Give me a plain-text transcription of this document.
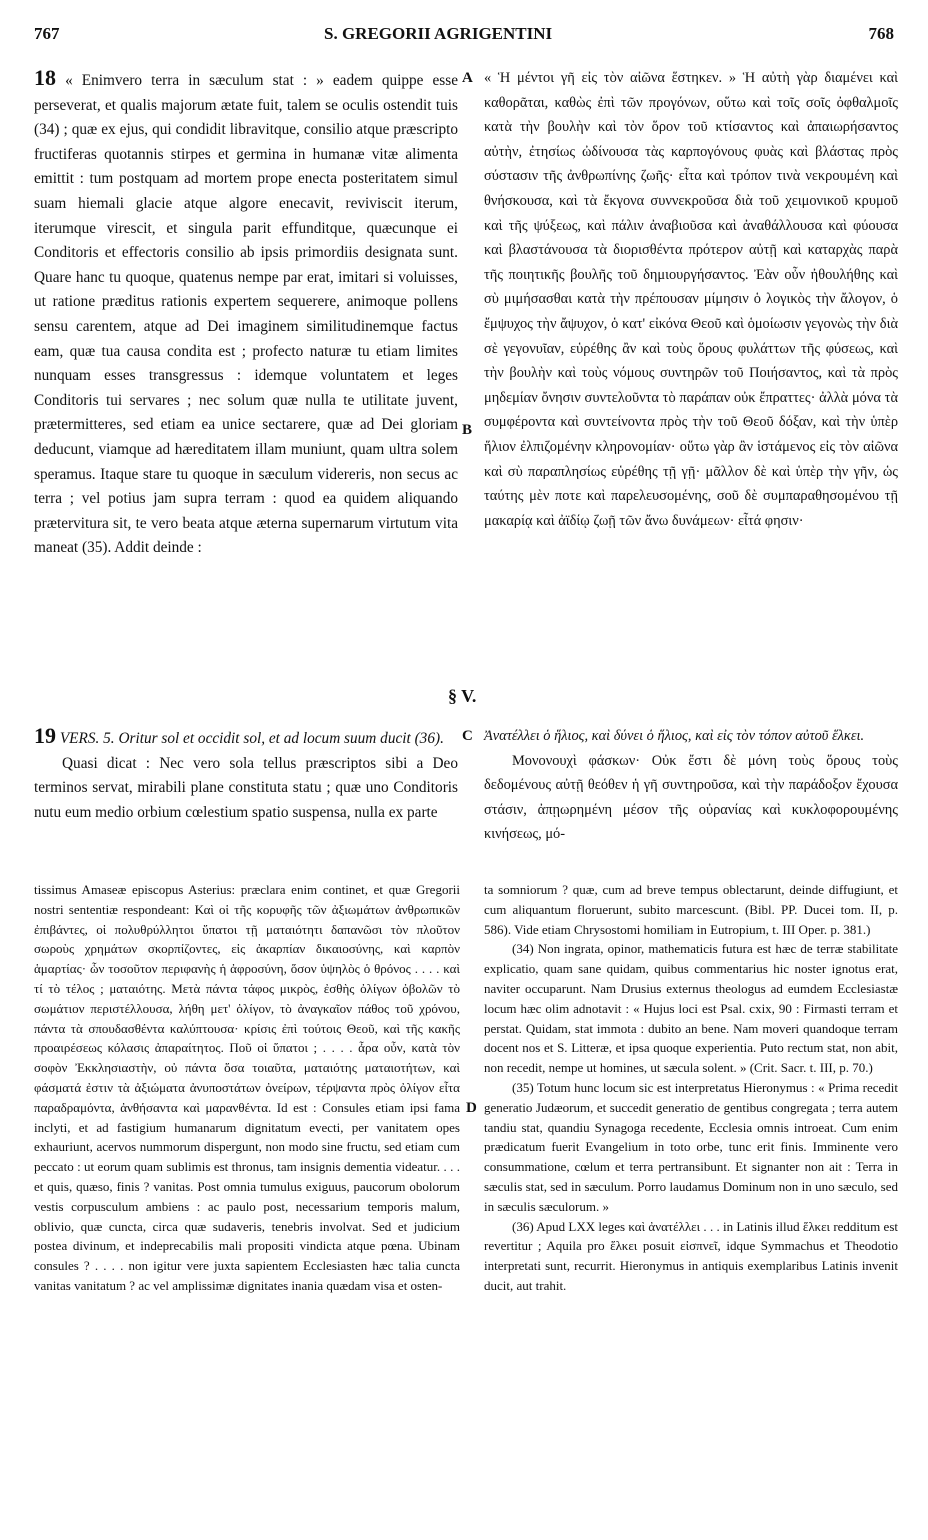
767	S. GREGORII AGRIGENTINI	768
A
B
C
D

18 « Enimvero terra in sæculum stat : » eadem quippe esse perseverat, et qualis majorum ætate fuit, talem se oculis ostendit tuis (34) ; quæ ex ejus, qui condidit libravitque, consilio atque præscripto fructiferas quotannis stirpes et germina in humanæ vitæ alimenta emittit : tum postquam ad mortem prope enecta posteritatem simul suam hiemali glacie atque algore enecavit, reviviscit iterum, iterumque virescit, et singula parit effunditque, quæcunque ei Conditoris et effectoris consilio ab ipsis primordiis designata sunt. Quare hanc tu quoque, quatenus nempe par erat, imitari si voluisses, ut ratione præditus rationis expertem sequerere, animoque pollens sensu carentem, atque ad Dei imaginem similitudinemque factus eam, quæ tua causa condita est ; profecto naturæ tu etiam limites nunquam esses transgressus : idemque voluntatem et leges Conditoris tui servares ; nec solum quæ nulla te utilitate juvent, prætermitteres, sed etiam ea unice sectarere, quæ ad Dei gloriam deducunt, viamque ad hæreditatem illam muniunt, quam ultra solem speramus. Itaque stare tu quoque in sæculum videreris, non secus ac terra ; vel potius jam supra terram : quod ea quidem aliquando prætervitura sit, te vero beata atque æterna supernarum virtutum vita maneat (35). Addit deinde :

« Ἡ μέντοι γῆ εἰς τὸν αἰῶνα ἕστηκεν. » Ἡ αὐτὴ γὰρ διαμένει καὶ καθορᾶται, καθὼς ἐπὶ τῶν προγόνων, οὕτω καὶ τοῖς σοῖς ὀφθαλμοῖς κατὰ τὴν βουλὴν καὶ τὸν ὅρον τοῦ κτίσαντος καὶ ἀπαιωρήσαντος αὐτὴν, ἐτησίως ὠδίνουσα τὰς καρπογόνους φυὰς καὶ βλάστας πρὸς σύστασιν τῆς ἀνθρωπίνης ζωῆς· εἶτα καὶ τρόπον τινὰ νεκρουμένη καὶ θνήσκουσα, καὶ τὰ ἔκγονα συννεκροῦσα διὰ τοῦ χειμονικοῦ κρυμοῦ καὶ τῆς ψύξεως, καὶ πάλιν ἀναβιοῦσα καὶ ἀναθάλλουσα καὶ φύουσα καὶ βλαστάνουσα τὰ διορισθέντα πρότερον αὐτῇ καὶ καταρχὰς παρὰ τῆς ποιητικῆς βουλῆς τοῦ δημιουργήσαντος. Ἐὰν οὖν ἠθουλήθης καὶ σὺ μιμήσασθαι κατὰ τὴν πρέπουσαν μίμησιν ὁ λογικὸς τὴν ἄλογον, ὁ ἔμψυχος τὴν ἄψυχον, ὁ κατ' εἰκόνα Θεοῦ καὶ ὁμοίωσιν γεγονὼς τὴν διὰ σὲ γεγονυῖαν, εὑρέθης ἂν καὶ τοὺς ὅρους φυλάττων τῆς φύσεως, καὶ τὴν βουλὴν καὶ τοὺς νόμους συντηρῶν τοῦ Ποιήσαντος, καὶ τὰ πρὸς μηδεμίαν ὄνησιν συντελοῦντα τὸ παράπαν οὐκ ἔπραττες· ἀλλὰ μόνα τὰ συμφέροντα καὶ συντείνοντα πρὸς τὴν τοῦ Θεοῦ δόξαν, καὶ τὴν ὑπὲρ ἥλιον ἐλπιζομένην κληρονομίαν· οὕτω γὰρ ἂν ἱστάμενος εἰς τὸν αἰῶνα καὶ σὺ παραπλησίως εὑρέθης τῇ γῇ· μᾶλλον δὲ καὶ ὑπὲρ τὴν γῆν, ὡς ταύτης μὲν ποτε καὶ παρελευσομένης, σοῦ δὲ συμπαραθησομένου τῇ μακαρίᾳ καὶ ἀϊδίῳ ζωῇ τῶν ἄνω δυνάμεων· εἶτά φησιν·

§ V.

19 VERS. 5. Oritur sol et occidit sol, et ad locum suum ducit (36).

Quasi dicat : Nec vero sola tellus præscriptos sibi a Deo terminos servat, mirabili plane constituta statu ; quæ uno Conditoris nutu eum medio orbium cœlestium spatio suspensa, nulla ex parte

Ἀνατέλλει ὁ ἥλιος, καὶ δύνει ὁ ἥλιος, καὶ εἰς τὸν τόπον αὐτοῦ ἕλκει.

Μονονουχὶ φάσκων· Οὐκ ἔστι δὲ μόνη τοὺς ὅρους τοὺς δεδομένους αὐτῇ θεόθεν ἡ γῆ συντηροῦσα, καὶ τὴν παράδοξον ἔχουσα στάσιν, ἀπῃωρημένη μέσον τῆς οὐρανίας καὶ κυκλοφορουμένης κινήσεως, μό-

tissimus Amaseæ episcopus Asterius: præclara enim continet, et quæ Gregorii nostri sententiæ respondeant: Καὶ οἱ τῆς κορυφῆς τῶν ἀξιωμάτων ἀνθρωπικῶν ἐπιβάντες, οἱ πολυθρύλλητοι ὕπατοι τῇ ματαιότητι δαπανῶσι τὸν πλοῦτον σωροὺς χρημάτων σκορπίζοντες, εἰς ἀκαρπίαν δικαιοσύνης, καὶ καρπὸν ἁμαρτίας· ὧν τοσοῦτον περιφανὴς ἡ ἀφροσύνη, ὅσον ὑψηλὸς ὁ θρόνος . . . . καὶ τί τὸ τέλος ; ματαιότης. Μετὰ πάντα τάφος μικρὸς, ἐσθὴς ὀλίγων ὀβολῶν τὸ σωμάτιον περιστέλλουσα, λήθη μετ' ὀλίγον, τὸ ἀναγκαῖον πάθος τοῦ χρόνου, πάντα τὰ σπουδασθέντα καλύπτουσα· κρίσις ἐπὶ τούτοις Θεοῦ, καὶ τῆς κακῆς προαιρέσεως κόλασις ἀπαραίτητος. Ποῦ οἱ ὕπατοι ; . . . . ἆρα οὖν, κατὰ τὸν σοφὸν Ἐκκλησιαστὴν, οὐ πάντα ὅσα τοιαῦτα, ματαιότης ματαιοτήτων, καὶ φάσματά ἐστιν τὰ ἀξιώματα ἀνυποστάτων ὀνείρων, τέρψαντα πρὸς ὀλίγον εἶτα παραδραμόντα, ἀνθήσαντα καὶ μαρανθέντα. Id est : Consules etiam ipsi fama inclyti, et ad fastigium humanarum dignitatum evecti, per vanitatem opes exhauriunt, acervos nummorum dispergunt, non modo sine fructu, sed etiam cum peccato : ut eorum quam sublimis est thronus, tam insignis dementia videatur. . . . et quis, quæso, finis ? vanitas. Post omnia tumulus exiguus, paucorum obolorum vestis corpusculum ambiens : ac paulo post, necessarium temporis malum, oblivio, quæ cuncta, circa quæ sudaveris, tenebris involvat. Sed et judicium postea divinum, et indeprecabilis mali propositi vindicta atque pœna. Ubinam consules ? . . . . non igitur vere juxta sapientem Ecclesiasten hæc talia cuncta vanitas vanitatum ? ac vel amplissimæ dignitates inania quædam visa et osten-

ta somniorum ? quæ, cum ad breve tempus oblectarunt, deinde diffugiunt, et cum aliquantum floruerunt, subito marcescunt. (Bibl. PP. Ducei tom. II, p. 586). Vide etiam Chrysostomi homiliam in Eutropium, t. III Oper. p. 381.)

(34) Non ingrata, opinor, mathematicis futura est hæc de terræ stabilitate explicatio, quam sane quidam, quibus commentarius hic noster ignotus erat, naviter occuparunt. Nam Drusius externus theologus ad eumdem Ecclesiastæ locum hæc olim adnotavit : « Hujus loci est Psal. cxix, 90 : Firmasti terram et perstat. Quidam, stat immota : dubito an bene. Nam moveri quandoque terram docent nos et S. Litteræ, et ipsa quoque experientia. Puto rectum stat, non abit, non recedit, nempe ut homines, ut sæcula solent. » (Crit. Sacr. t. III, p. 70.)

(35) Totum hunc locum sic est interpretatus Hieronymus : « Prima recedit generatio Judæorum, et succedit generatio de gentibus congregata ; terra autem tandiu stat, quandiu Synagoga recedente, Ecclesia omnis introeat. Cum enim prædicatum fuerit Evangelium in toto orbe, tunc erit finis. Imminente vero consummatione, cœlum et terra pertransibunt. Et signanter non ait : Terra in sæculis stat, sed in sæculum. Porro laudamus Dominum non in uno sæculo, sed in sæculis sæculorum. »

(36) Apud LXX leges καὶ ἀνατέλλει . . . in Latinis illud ἕλκει redditum est revertitur ; Aquila pro ἕλκει posuit εἰσπνεῖ, idque Symmachus et Theodotio interpretati sunt, recurrit. Hieronymus in antiquis exemplaribus Latinis invenit ducit, aut trahit.
